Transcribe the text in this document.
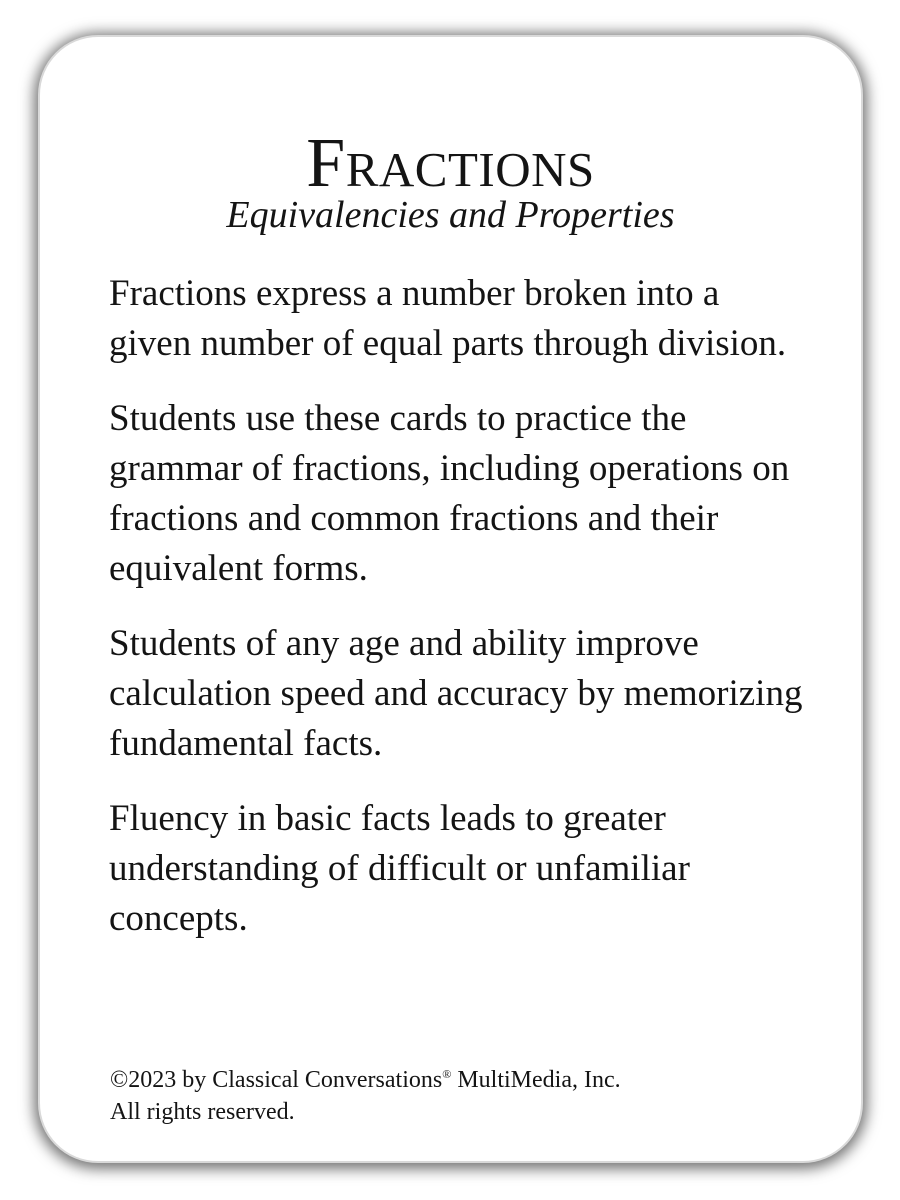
Fractions
Equivalencies and Properties

Fractions express a number broken into a given number of equal parts through division.

Students use these cards to practice the grammar of fractions, including operations on fractions and common fractions and their equivalent forms.

Students of any age and ability improve calculation speed and accuracy by memorizing fundamental facts.

Fluency in basic facts leads to greater understanding of difficult or unfamiliar concepts.

©2023 by Classical Conversations® MultiMedia, Inc.
All rights reserved.
